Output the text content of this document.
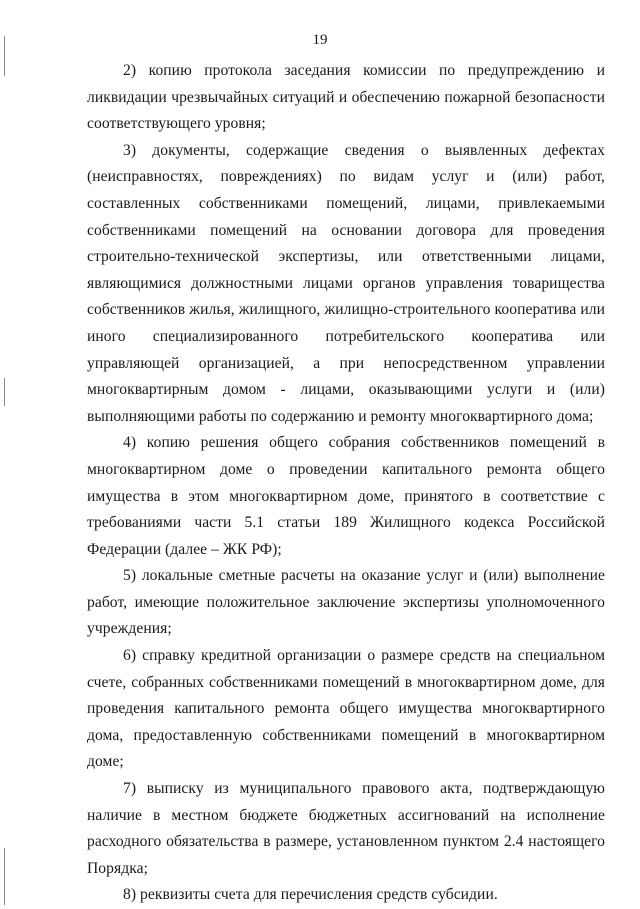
19

2) копию протокола заседания комиссии по предупреждению и ликвидации чрезвычайных ситуаций и обеспечению пожарной безопасности соответствующего уровня;

3) документы, содержащие сведения о выявленных дефектах (неисправностях, повреждениях) по видам услуг и (или) работ, составленных собственниками помещений, лицами, привлекаемыми собственниками помещений на основании договора для проведения строительно-технической экспертизы, или ответственными лицами, являющимися должностными лицами органов управления товарищества собственников жилья, жилищного, жилищно-строительного кооператива или иного специализированного потребительского кооператива или управляющей организацией, а при непосредственном управлении многоквартирным домом - лицами, оказывающими услуги и (или) выполняющими работы по содержанию и ремонту многоквартирного дома;

4) копию решения общего собрания собственников помещений в многоквартирном доме о проведении капитального ремонта общего имущества в этом многоквартирном доме, принятого в соответствие с требованиями части 5.1 статьи 189 Жилищного кодекса Российской Федерации (далее – ЖК РФ);

5) локальные сметные расчеты на оказание услуг и (или) выполнение работ, имеющие положительное заключение экспертизы уполномоченного учреждения;

6) справку кредитной организации о размере средств на специальном счете, собранных собственниками помещений в многоквартирном доме, для проведения капитального ремонта общего имущества многоквартирного дома, предоставленную собственниками помещений в многоквартирном доме;

7) выписку из муниципального правового акта, подтверждающую наличие в местном бюджете бюджетных ассигнований на исполнение расходного обязательства в размере, установленном пунктом 2.4 настоящего Порядка;

8) реквизиты счета для перечисления средств субсидии.
